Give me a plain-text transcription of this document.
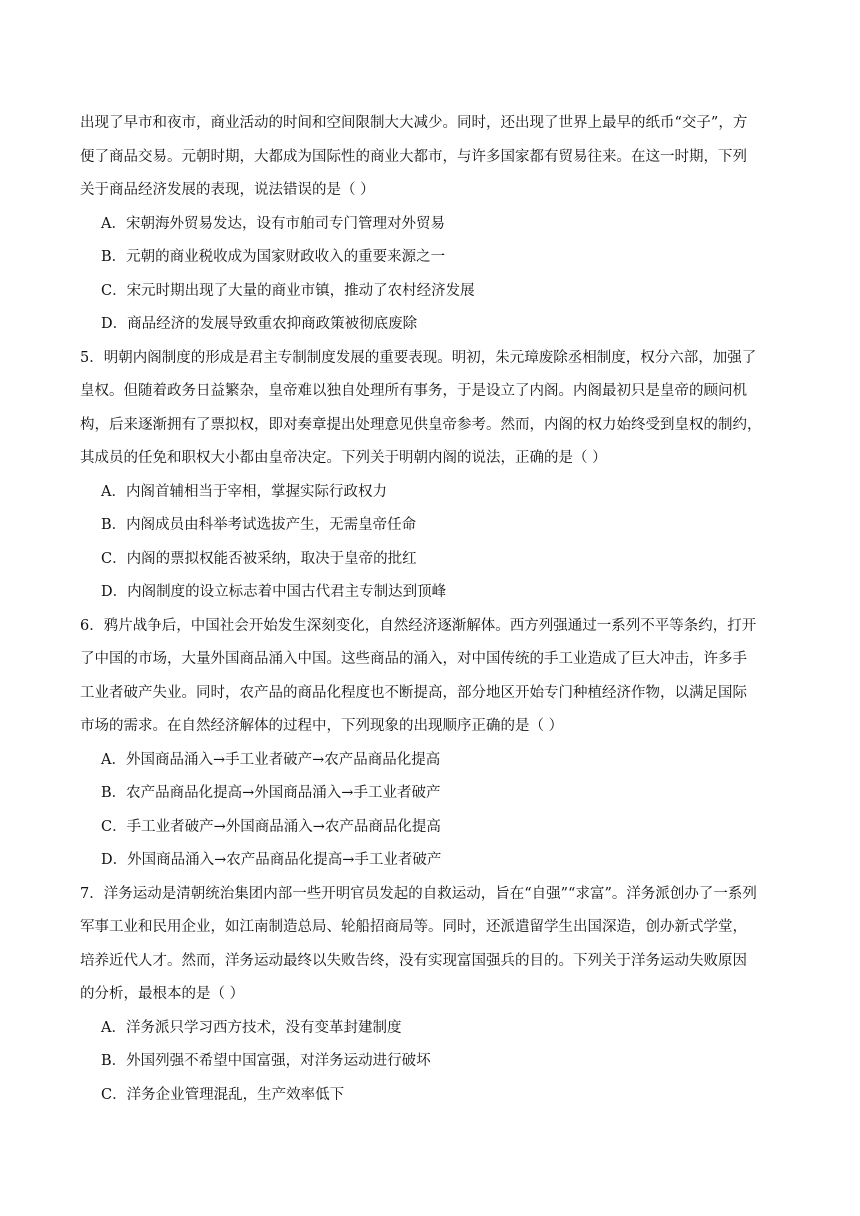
出现了早市和夜市，商业活动的时间和空间限制大大减少。同时，还出现了世界上最早的纸币“交子”，方

便了商品交易。元朝时期，大都成为国际性的商业大都市，与许多国家都有贸易往来。在这一时期，下列

关于商品经济发展的表现，说法错误的是（ ）

A．宋朝海外贸易发达，设有市舶司专门管理对外贸易

B．元朝的商业税收成为国家财政收入的重要来源之一

C．宋元时期出现了大量的商业市镇，推动了农村经济发展

D．商品经济的发展导致重农抑商政策被彻底废除

5．明朝内阁制度的形成是君主专制制度发展的重要表现。明初，朱元璋废除丞相制度，权分六部，加强了

皇权。但随着政务日益繁杂，皇帝难以独自处理所有事务，于是设立了内阁。内阁最初只是皇帝的顾问机

构，后来逐渐拥有了票拟权，即对奏章提出处理意见供皇帝参考。然而，内阁的权力始终受到皇权的制约，

其成员的任免和职权大小都由皇帝决定。下列关于明朝内阁的说法，正确的是（ ）

A．内阁首辅相当于宰相，掌握实际行政权力

B．内阁成员由科举考试选拔产生，无需皇帝任命

C．内阁的票拟权能否被采纳，取决于皇帝的批红

D．内阁制度的设立标志着中国古代君主专制达到顶峰

6．鸦片战争后，中国社会开始发生深刻变化，自然经济逐渐解体。西方列强通过一系列不平等条约，打开

了中国的市场，大量外国商品涌入中国。这些商品的涌入，对中国传统的手工业造成了巨大冲击，许多手

工业者破产失业。同时，农产品的商品化程度也不断提高，部分地区开始专门种植经济作物，以满足国际

市场的需求。在自然经济解体的过程中，下列现象的出现顺序正确的是（ ）

A．外国商品涌入→手工业者破产→农产品商品化提高

B．农产品商品化提高→外国商品涌入→手工业者破产

C．手工业者破产→外国商品涌入→农产品商品化提高

D．外国商品涌入→农产品商品化提高→手工业者破产

7．洋务运动是清朝统治集团内部一些开明官员发起的自救运动，旨在“自强”“求富”。洋务派创办了一系列

军事工业和民用企业，如江南制造总局、轮船招商局等。同时，还派遣留学生出国深造，创办新式学堂，

培养近代人才。然而，洋务运动最终以失败告终，没有实现富国强兵的目的。下列关于洋务运动失败原因

的分析，最根本的是（ ）

A．洋务派只学习西方技术，没有变革封建制度

B．外国列强不希望中国富强，对洋务运动进行破坏

C．洋务企业管理混乱，生产效率低下
